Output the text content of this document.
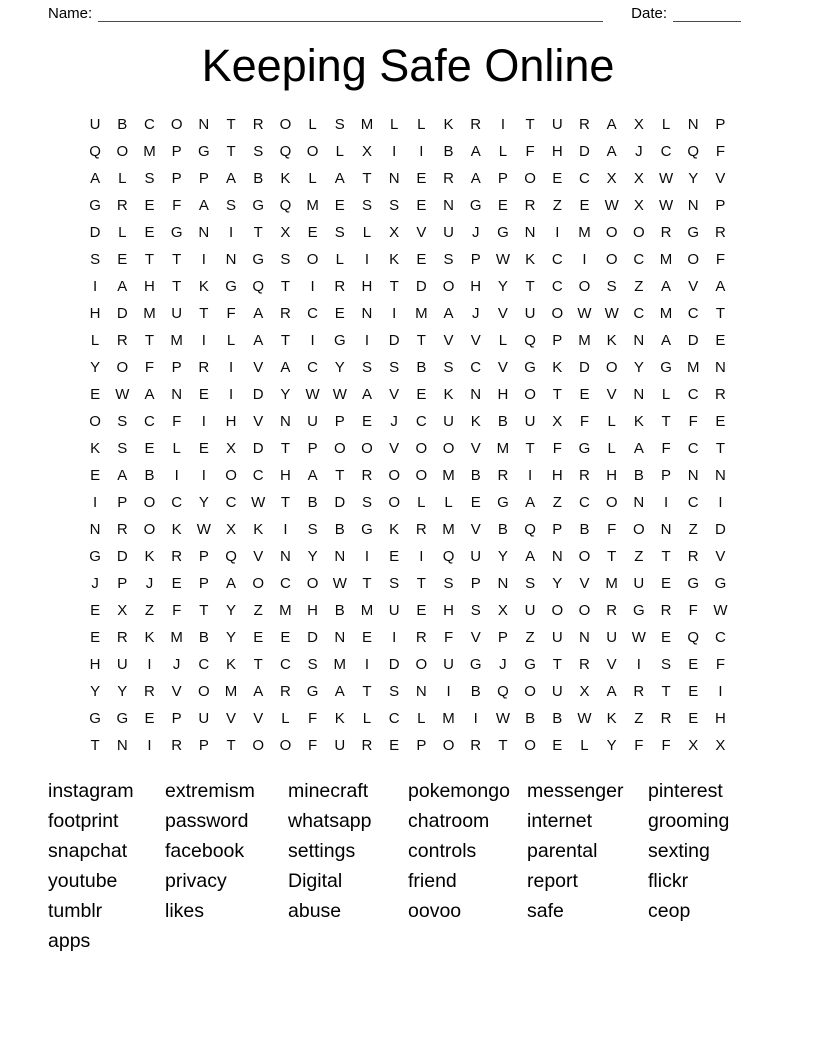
Name:	Date:
Keeping Safe Online
U	B	C	O	N	T	R	O	L	S	M	L	L	K	R	I	T	U	R	A	X	L	N	P
Q	O	M	P	G	T	S	Q	O	L	X	I	I	B	A	L	F	H	D	A	J	C	Q	F
A	L	S	P	P	A	B	K	L	A	T	N	E	R	A	P	O	E	C	X	X	W	Y	V
G	R	E	F	A	S	G	Q	M	E	S	S	E	N	G	E	R	Z	E	W	X	W N	P
D	L	E	G	N	I	T	X	E	S	L	X	V	U	J	G	N	I	M	O	O	R	G	R
S	E	T	T	I	N	G	S	O	L	I	K	E	S	P	W	K	C	I	O	C	M	O	F
I	A	H	T	K	G	Q	T	I	R	H	T	D	O	H	Y	T	C	O	S	Z	A	V	A
H	D	M	U	T	F	A	R	C	E	N	I	M	A	J	V	U	O W W C	M	C	T
L	R	T	M	I	L	A	T	I	G	I	D	T	V	V	L	Q	P	M	K	N	A	D	E
Y	O	F	P	R	I	V	A	C	Y	S	S	B	S	C	V	G	K	D	O	Y	G	M	N
E	W	A	N	E	I	D	Y	W W	A	V	E	K	N	H	O	T	E	V	N	L	C	R
O	S	C	F	I	H	V	N	U	P	E	J	C	U	K	B	U	X	F	L	K	T	F	E
K	S	E	L	E	X	D	T	P	O	O	V	O	O	V	M	T	F	G	L	A	F	C	T
E	A	B	I	I	O	C	H	A	T	R	O	O	M	B	R	I	H	R	H	B	P	N	N
I	P	O	C	Y	C W	T	B	D	S	O	L	L	E	G	A	Z	C	O	N	I	C	I
N	R	O	K	W	X	K	I	S	B	G	K	R	M	V	B	Q	P	B	F	O	N	Z	D
G	D	K	R	P	Q	V	N	Y	N	I	E	I	Q	U	Y	A	N	O	T	Z	T	R	V
J	P	J	E	P	A	O	C	O W	T	S	T	S	P	N	S	Y	V	M	U	E	G	G
E	X	Z	F	T	Y	Z	M	H	B	M	U	E	H	S	X	U	O	O	R	G	R	F	W
E	R	K	M	B	Y	E	E	D	N	E	I	R	F	V	P	Z	U	N	U W	E	Q	C
H	U	I	J	C	K	T	C	S	M	I	D	O	U	G	J	G	T	R	V	I	S	E	F
Y	Y	R	V	O	M	A	R	G	A	T	S	N	I	B	Q	O	U	X	A	R	T	E	I
G	G	E	P	U	V	V	L	F	K	L	C	L	M	I	W	B	B	W	K	Z	R	E	H
T	N	I	R	P	T	O	O	F	U	R	E	P	O	R	T	O	E	L	Y	F	F	X	X
instagram
footprint
snapchat
youtube
tumblr
apps
extremism
password
facebook
privacy
likes
minecraft
whatsapp
settings
Digital
abuse
pokemongo
chatroom
controls
friend
oovoo
messenger
internet
parental
report
safe
pinterest
grooming
sexting
flickr
ceop
